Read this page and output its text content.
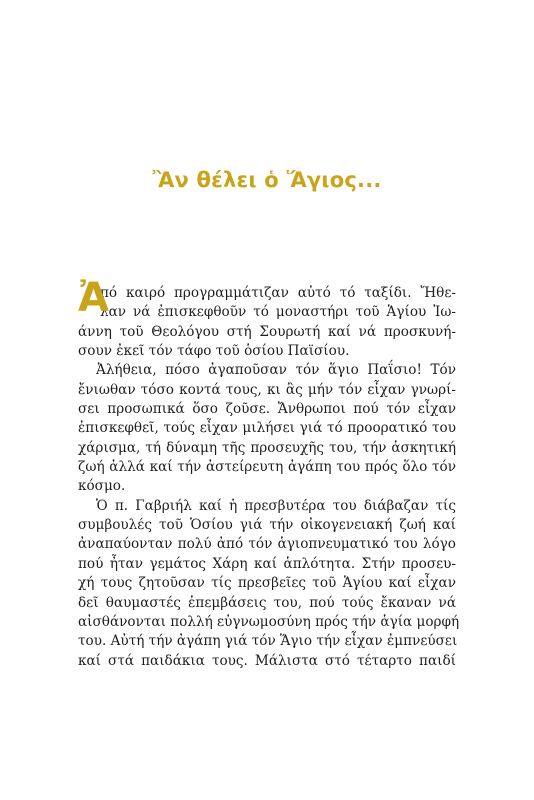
Ἂν θέλει ὁ Ἅγιος...
Ἀ
πό καιρό προγραμμάτιζαν αὐτό τό ταξίδι. Ἤθε-
λαν νά ἐπισκεφθοῦν τό μοναστήρι τοῦ Ἁγίου Ἰω-
άννη τοῦ Θεολόγου στή Σουρωτή καί νά προσκυνή-
σουν ἐκεῖ τόν τάφο τοῦ ὁσίου Παϊσίου.
Ἀλήθεια, πόσο ἀγαποῦσαν τόν ἅγιο Παΐσιο! Τόν
ἔνιωθαν τόσο κοντά τους, κι ἂς μήν τόν εἶχαν γνωρί-
σει προσωπικά ὅσο ζοῦσε. Ἄνθρωποι πού τόν εἶχαν
ἐπισκεφθεῖ, τούς εἶχαν μιλήσει γιά τό προορατικό του
χάρισμα, τή δύναμη τῆς προσευχῆς του, τήν ἀσκητική
ζωή ἀλλά καί τήν ἀστείρευτη ἀγάπη του πρός ὅλο τόν
κόσμο.
Ὁ π. Γαβριήλ καί ἡ πρεσβυτέρα του διάβαζαν τίς
συμβουλές τοῦ Ὁσίου γιά τήν οἰκογενειακή ζωή καί
ἀναπαύονταν πολύ ἀπό τόν ἁγιοπνευματικό του λόγο
πού ἦταν γεμάτος Χάρη καί ἁπλότητα. Στήν προσευ-
χή τους ζητοῦσαν τίς πρεσβεῖες τοῦ Ἁγίου καί εἶχαν
δεῖ θαυμαστές ἐπεμβάσεις του, πού τούς ἔκαναν νά
αἰσθάνονται πολλή εὐγνωμοσύνη πρός τήν ἁγία μορφή
του. Αὐτή τήν ἀγάπη γιά τόν Ἅγιο τήν εἶχαν ἐμπνεύσει
καί στά παιδάκια τους. Μάλιστα στό τέταρτο παιδί
